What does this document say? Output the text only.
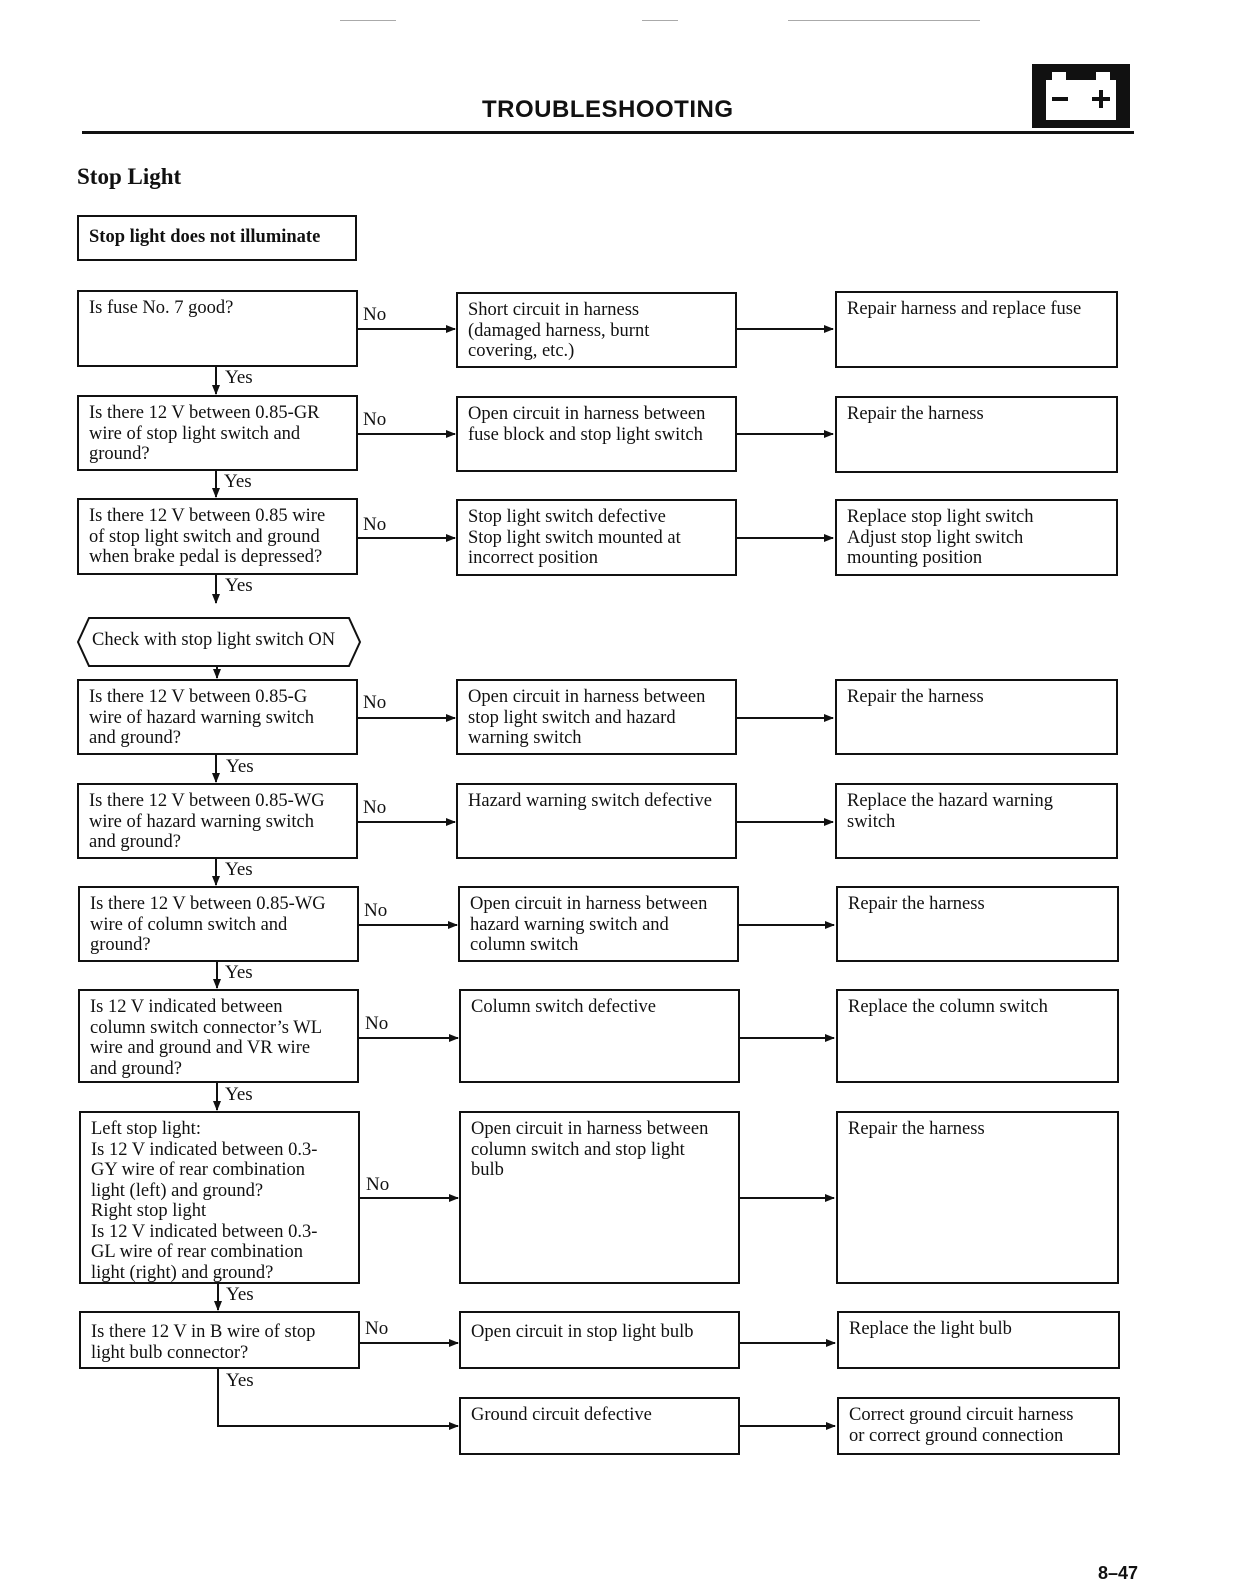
TROUBLESHOOTING
Stop Light
Stop light does not illuminate
Check with stop light switch ON
Is fuse No. 7 good?
Is there 12 V between 0.85-GR
wire of stop light switch and
ground?
Is there 12 V between 0.85 wire
of stop light switch and ground
when brake pedal is depressed?
Is there 12 V between 0.85-G
wire of hazard warning switch
and ground?
Is there 12 V between 0.85-WG
wire of hazard warning switch
and ground?
Is there 12 V between 0.85-WG
wire of column switch and
ground?
Is 12 V indicated between
column switch connector’s WL
wire and ground and VR wire
and ground?
Left stop light:
Is 12 V indicated between 0.3-
GY wire of rear combination
light (left) and ground?
Right stop light
Is 12 V indicated between 0.3-
GL wire of rear combination
light (right) and ground?
Is there 12 V in B wire of stop
light bulb connector?
Short circuit in harness
(damaged harness, burnt
covering, etc.)
Open circuit in harness between
fuse block and stop light switch
Stop light switch defective
Stop light switch mounted at
incorrect position
Open circuit in harness between
stop light switch and hazard
warning switch
Hazard warning switch defective
Open circuit in harness between
hazard warning switch and
column switch
Column switch defective
Open circuit in harness between
column switch and stop light
bulb
Open circuit in stop light bulb
Ground circuit defective
Repair harness and replace fuse
Repair the harness
Replace stop light switch
Adjust stop light switch
mounting position
Repair the harness
Replace the hazard warning
switch
Repair the harness
Replace the column switch
Repair the harness
Replace the light bulb
Correct ground circuit harness
or correct ground connection
Yes
Yes
Yes
Yes
Yes
Yes
Yes
Yes
Yes
No
No
No
No
No
No
No
No
No
8–47
